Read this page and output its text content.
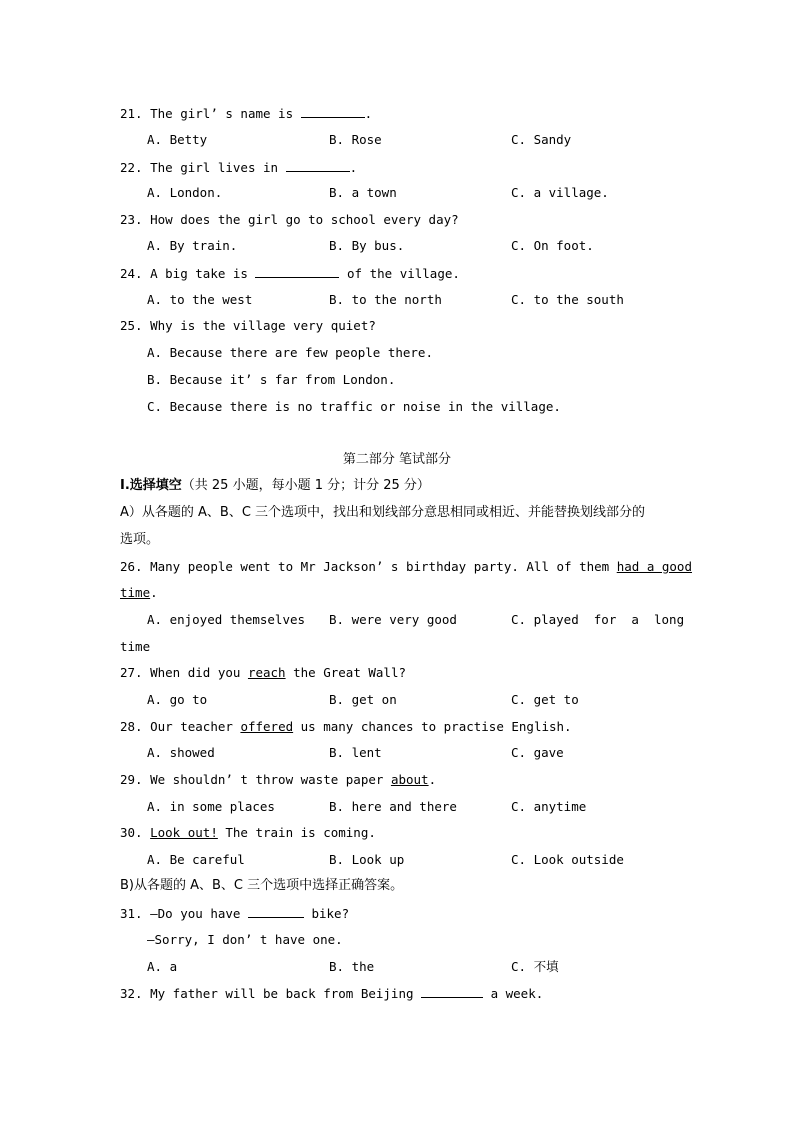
21. The girl’ s name is	.
A. Betty	B. Rose	C. Sandy
22. The girl lives in	.
A. London.	B. a town	C. a village.
23. How does the girl go to school every day?
A. By train.	B. By bus.	C. On foot.
24. A big take is	of the village.
A. to the west	B. to the north	C. to the south
25. Why is the village very quiet?
A. Because there are few people there.
B. Because it’ s far from London.
C. Because there is no traffic or noise in the village.
第二部分 笔试部分
Ⅰ.选择填空（共 25 小题，每小题 1 分；计分 25 分）
A）从各题的 A、B、C 三个选项中，找出和划线部分意思相同或相近、并能替换划线部分的
选项。
26. Many people went to Mr Jackson’ s birthday party. All of them had a good
time.
A. enjoyed themselves B. were very good	C. played  for  a  long
time
27. When did you reach the Great Wall?
A. go to	B. get on	C. get to
28. Our teacher offered us many chances to practise English.
A. showed	B. lent	C. gave
29. We shouldn’ t throw waste paper about.
A. in some places	B. here and there	C. anytime
30. Look out! The train is coming.
A. Be careful	B. Look up	C. Look outside
B)从各题的 A、B、C 三个选项中选择正确答案。
31. —Do you have	bike?
—Sorry, I don’ t have one.
A. a	B. the	C. 不填
32. My father will be back from Beijing	a week.
